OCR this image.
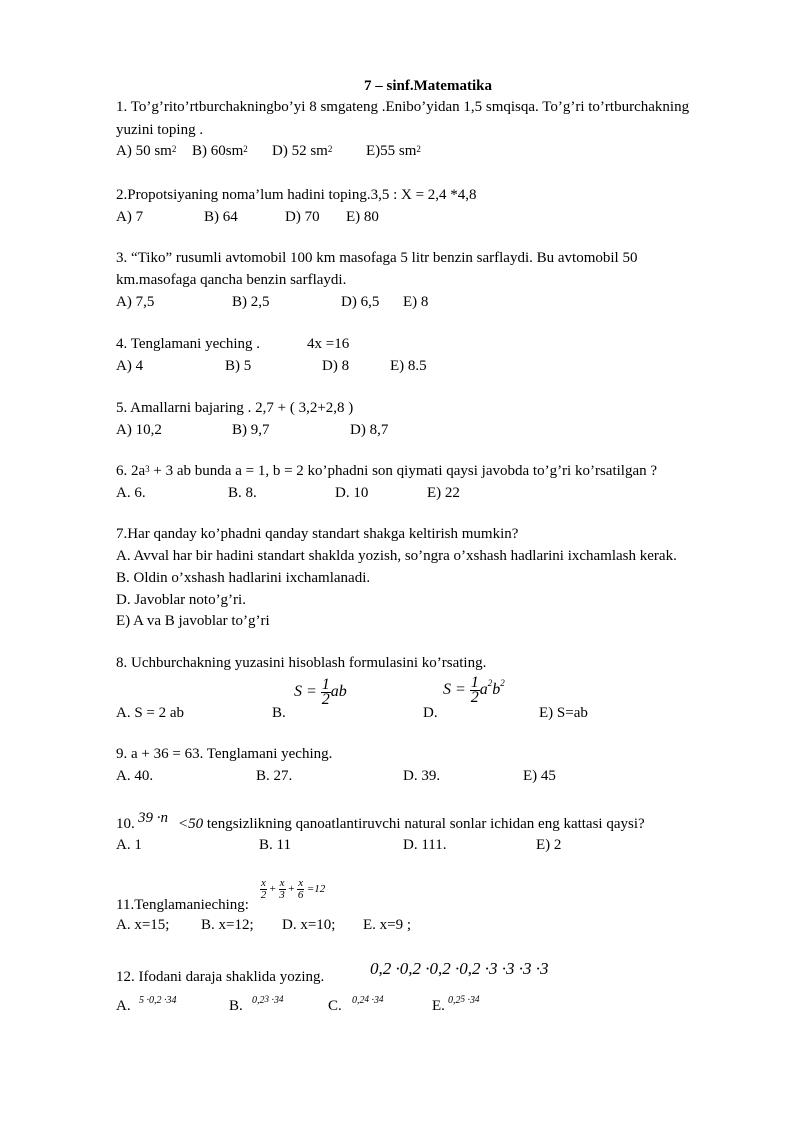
7 – sinf.Matematika
1. To’g’rito’rtburchakningbo’yi 8 smgateng .Enibo’yidan 1,5 smqisqa. To’g’ri to’rtburchakning
yuzini toping .
A) 50 $sm^2$ B) $60sm^2$ D) 52 $sm^2$ E)55 $sm^2$
2.Propotsiyaning noma’lum hadini toping.3,5 : X = 2,4 *4,8
A) 7	B) 64	D) 70 E) 80
3. “Tiko” rusumli avtomobil 100 km masofaga 5 litr benzin sarflaydi. Bu avtomobil 50
km.masofaga qancha benzin sarflaydi.
A) 7,5	B) 2,5	D) 6,5 E) 8
4. Tenglamani yeching .	4x =16
A) 4	B) 5	D) 8	E) 8.5
5. Amallarni bajaring . 2,7 + ( 3,2+2,8 )
A) 10,2	B) 9,7	D) 8,7
6. $2a^3 + 3$ ab bunda a = 1, b = 2 ko’phadni son qiymati qaysi javobda to’g’ri ko’rsatilgan ?
A. 6.	B. 8.	D. 10	E) 22
7.Har qanday ko’phadni qanday standart shakga keltirish mumkin?
A. Avval har bir hadini standart shaklda yozish, so’ngra o’xshash hadlarini ixchamlash kerak.
B. Oldin o’xshash hadlarini ixchamlanadi.
D. Javoblar noto’g’ri.
E) A va B javoblar to’g’ri
8. Uchburchakning yuzasini hisoblash formulasini ko’rsating.
A. S = 2 ab	B.
$S = \frac{1}{2}$ ab
D.
$S = \frac{1}{2} a^2b^2$
E) S=ab
9. a + 36 = 63. Tenglamani yeching.
A. 40.	B. 27.	D. 39.	E) 45
10. 39 ·n <50 tengsizlikning qanoatlantiruvchi natural sonlar ichidan eng kattasi qaysi?
A. 1	B. 11	D. 111.	E) 2
11.Tenglamanieching:
$\frac{x}{2} + \frac{x}{3} + \frac{x}{6} =12$
A. x=15; B. x=12; D. x=10; E. x=9 ;
12. Ifodani daraja shaklida yozing.	0,2 ·0,2 ·0,2 ·0,2 ·3 ·3 ·3 ·3
A. 5 ·0,2 ·34	B. $0,2^3 \cdot 3^4$	C. $0,2^4 \cdot 3^4$	E. $0,2^5 \cdot 3^4$
